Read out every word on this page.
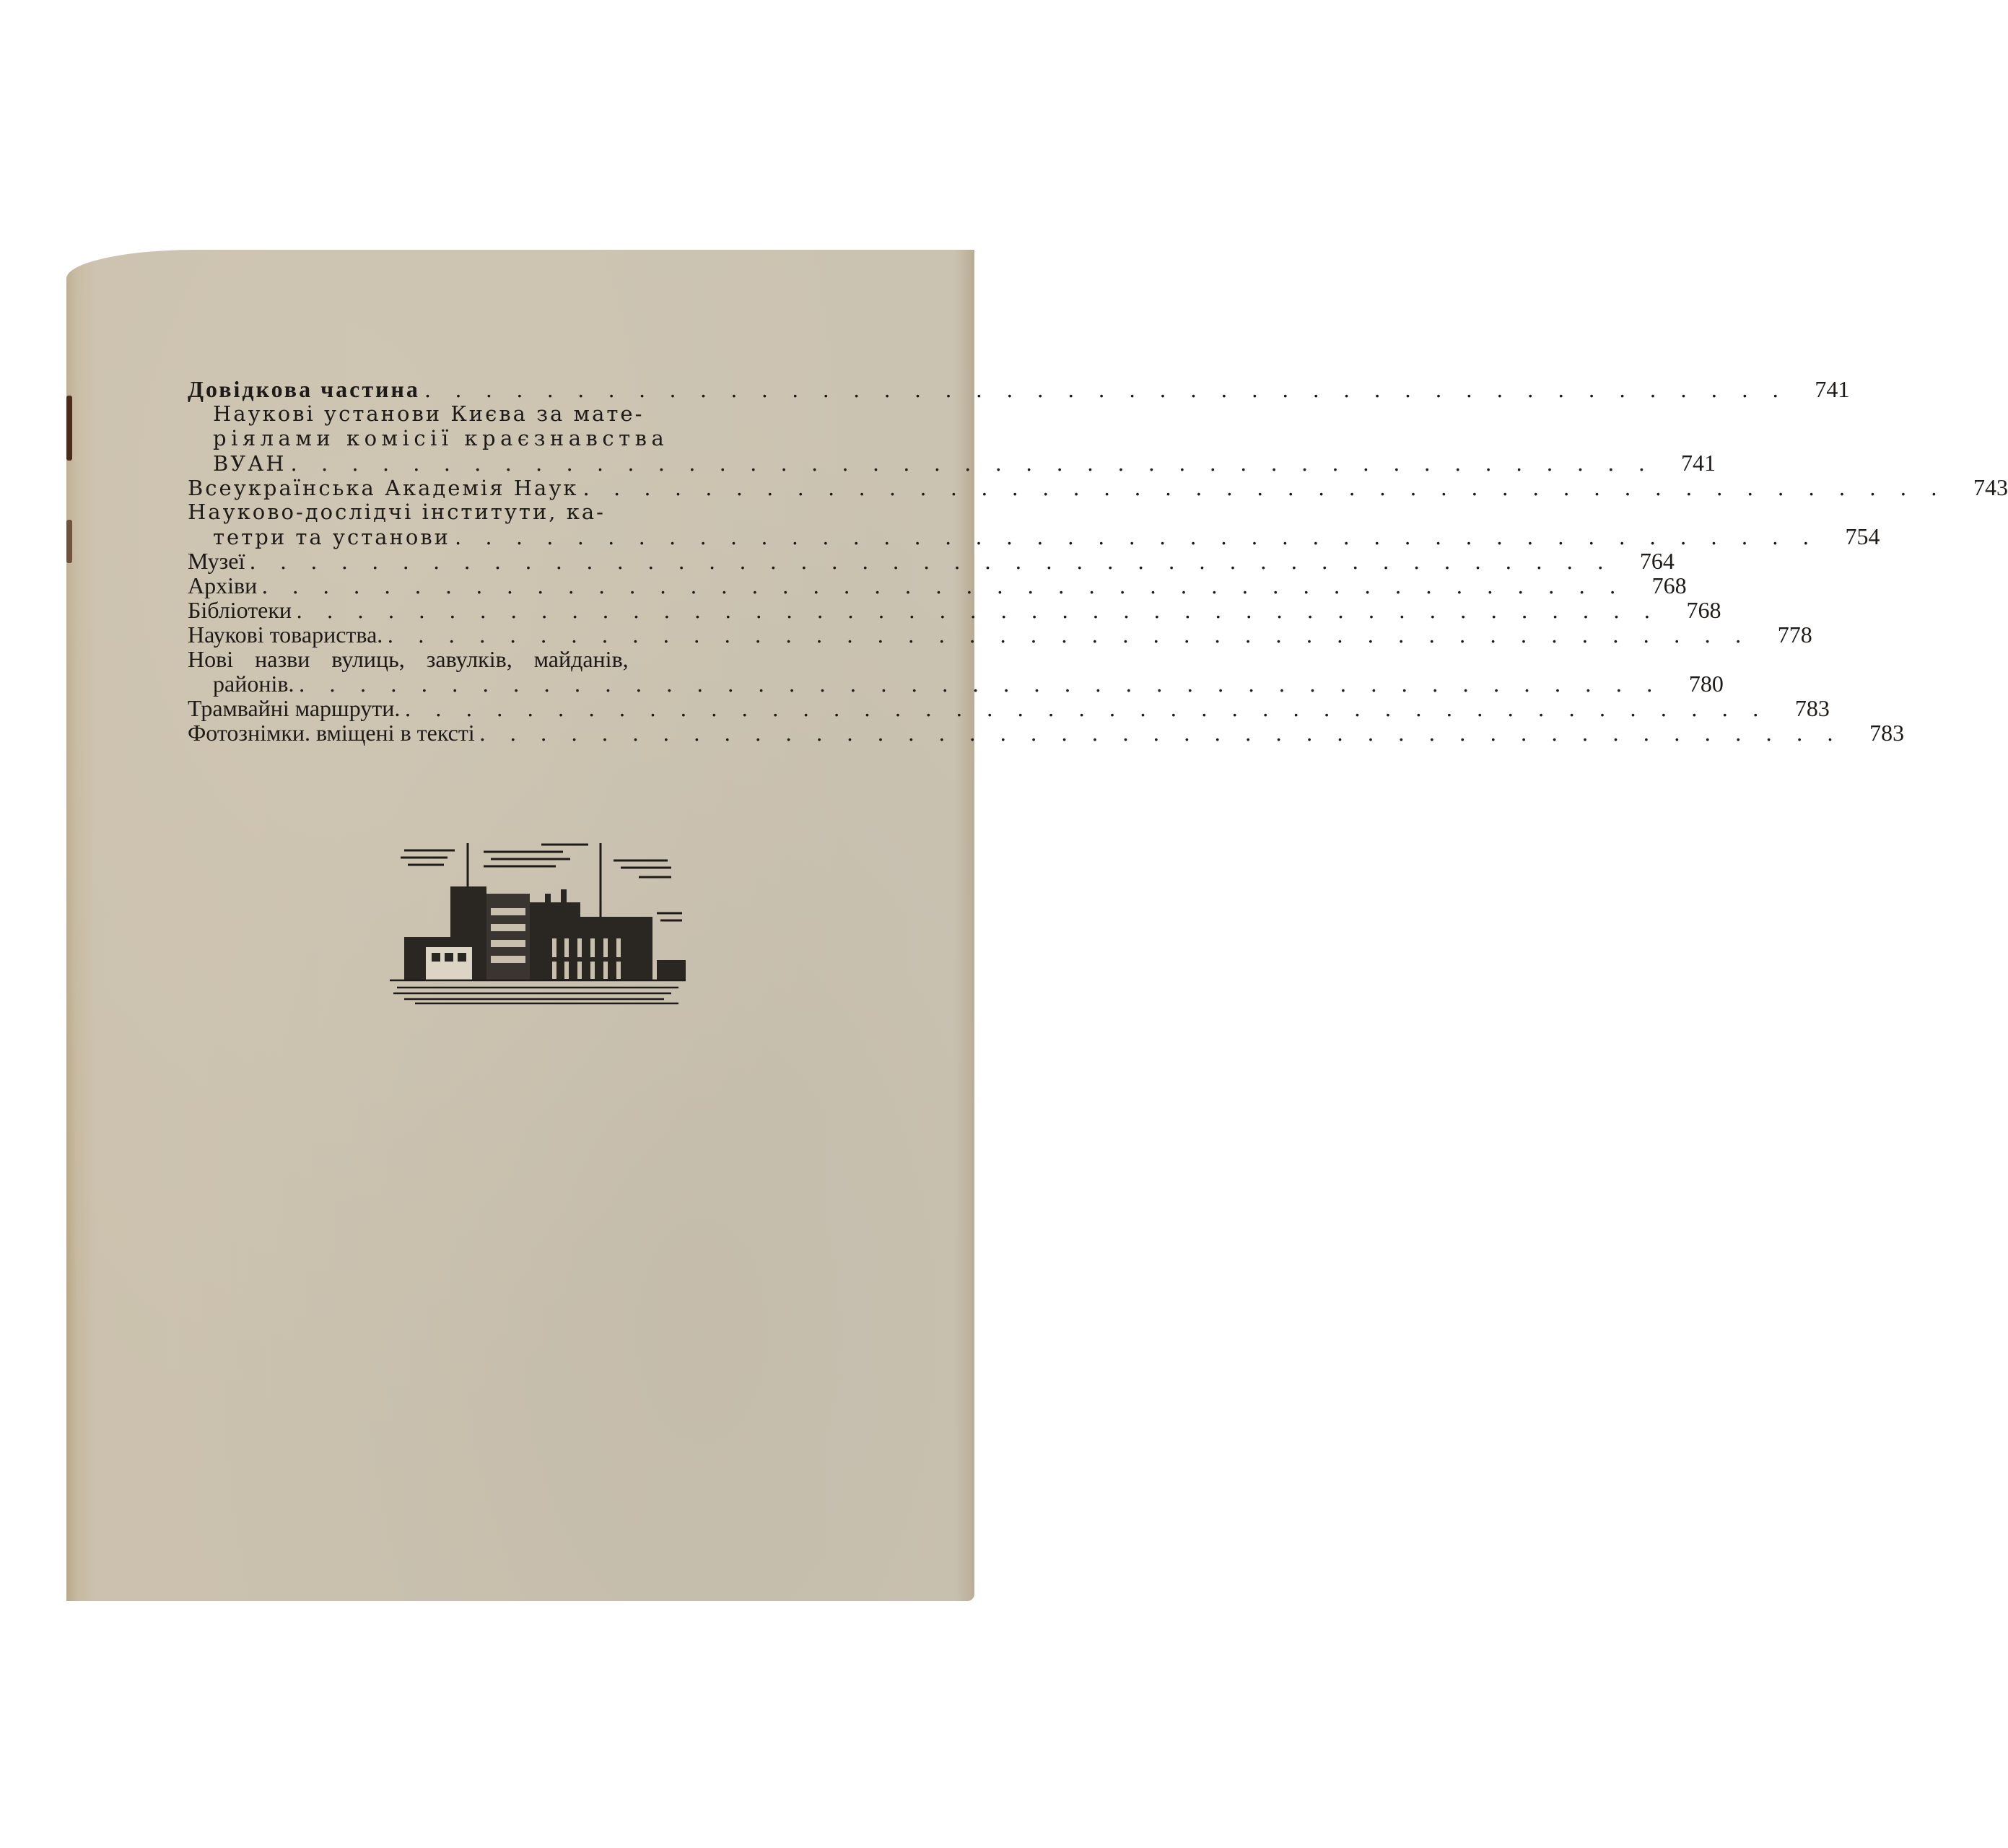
Довідкова частина . . . . . . . . . . . . . . . . . . . . . . . . . . . . . . . . . . . . . . . . . . . . .	741
Наукові установи Києва за мате-
ріялами комісії краєзнавства
ВУАН . . . . . . . . . . . . . . . . . . . . . . . . . . . . . . . . . . . . . . . . . . . . .	741
Всеукраїнська Академія Наук . . . . . . . . . . . . . . . . . . . . . . . . . . . . . . . . . . . . . . . . . . . . .	743
Науково-дослідчі інститути, ка-
тетри та установи . . . . . . . . . . . . . . . . . . . . . . . . . . . . . . . . . . . . . . . . . . . . .	754
Музеї . . . . . . . . . . . . . . . . . . . . . . . . . . . . . . . . . . . . . . . . . . . . .	764
Архіви . . . . . . . . . . . . . . . . . . . . . . . . . . . . . . . . . . . . . . . . . . . . .	768
Бібліотеки . . . . . . . . . . . . . . . . . . . . . . . . . . . . . . . . . . . . . . . . . . . . .	768
Наукові товариства. . . . . . . . . . . . . . . . . . . . . . . . . . . . . . . . . . . . . . . . . . . . . .	778
Нові назви вулиць, завулків, майданів,
районів. . . . . . . . . . . . . . . . . . . . . . . . . . . . . . . . . . . . . . . . . . . . . .	780
Трамвайні маршрути. . . . . . . . . . . . . . . . . . . . . . . . . . . . . . . . . . . . . . . . . . . . . .	783
Фотознімки. вміщені в тексті . . . . . . . . . . . . . . . . . . . . . . . . . . . . . . . . . . . . . . . . . . . . .	783
